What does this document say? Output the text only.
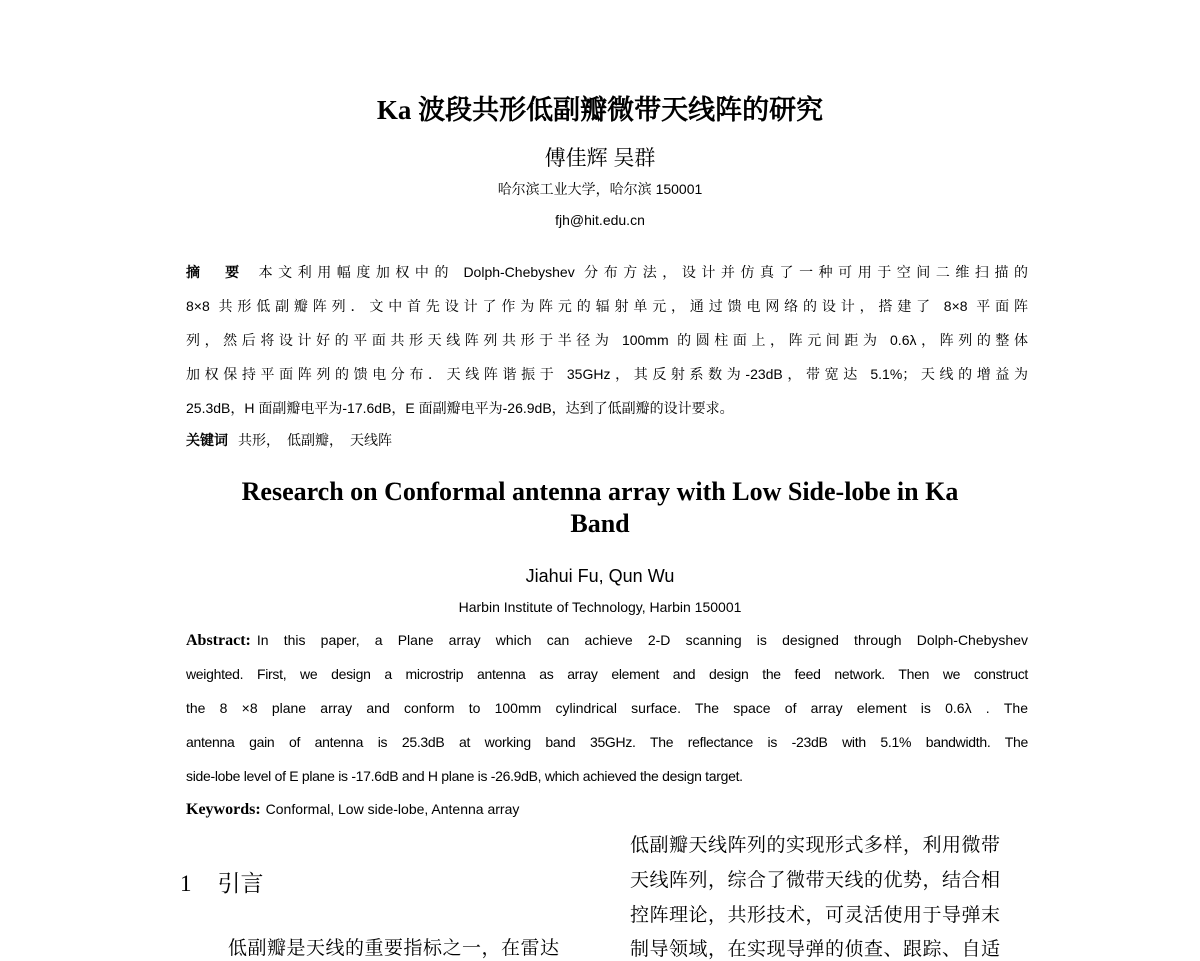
Ka 波段共形低副瓣微带天线阵的研究
傅佳辉 吴群
哈尔滨工业大学，哈尔滨 150001
fjh@hit.edu.cn
摘　要 本文利用幅度加权中的 Dolph-Chebyshev 分布方法，设计并仿真了一种可用于空间二维扫描的
8×8 共形低副瓣阵列．文中首先设计了作为阵元的辐射单元，通过馈电网络的设计，搭建了 8×8 平面阵
列，然后将设计好的平面共形天线阵列共形于半径为 100mm 的圆柱面上，阵元间距为 0.6λ，阵列的整体
加权保持平面阵列的馈电分布．天线阵谐振于 35GHz，其反射系数为-23dB，带宽达 5.1%；天线的增益为
25.3dB，H 面副瓣电平为-17.6dB，E 面副瓣电平为-26.9dB，达到了低副瓣的设计要求。
关键词 共形，　低副瓣，　天线阵
Research on Conformal antenna array with Low Side-lobe in Ka
Band
Jiahui Fu, Qun Wu
Harbin Institute of Technology, Harbin 150001
Abstract: In this paper, a Plane array which can achieve 2-D scanning is designed through Dolph-Chebyshev
weighted. First, we design a microstrip antenna as array element and design the feed network. Then we construct
the 8 ×8 plane array and conform to 100mm cylindrical surface. The space of array element is 0.6λ . The
antenna gain of antenna is 25.3dB at working band 35GHz. The reflectance is -23dB with 5.1% bandwidth. The
side-lobe level of E plane is -17.6dB and H plane is -26.9dB, which achieved the design target.
Keywords: Conformal, Low side-lobe, Antenna array
1 引言
低副瓣是天线的重要指标之一，在雷达
低副瓣天线阵列的实现形式多样，利用微带
天线阵列，综合了微带天线的优势，结合相
控阵理论，共形技术，可灵活使用于导弹末
制导领域，在实现导弹的侦查、跟踪、自适
